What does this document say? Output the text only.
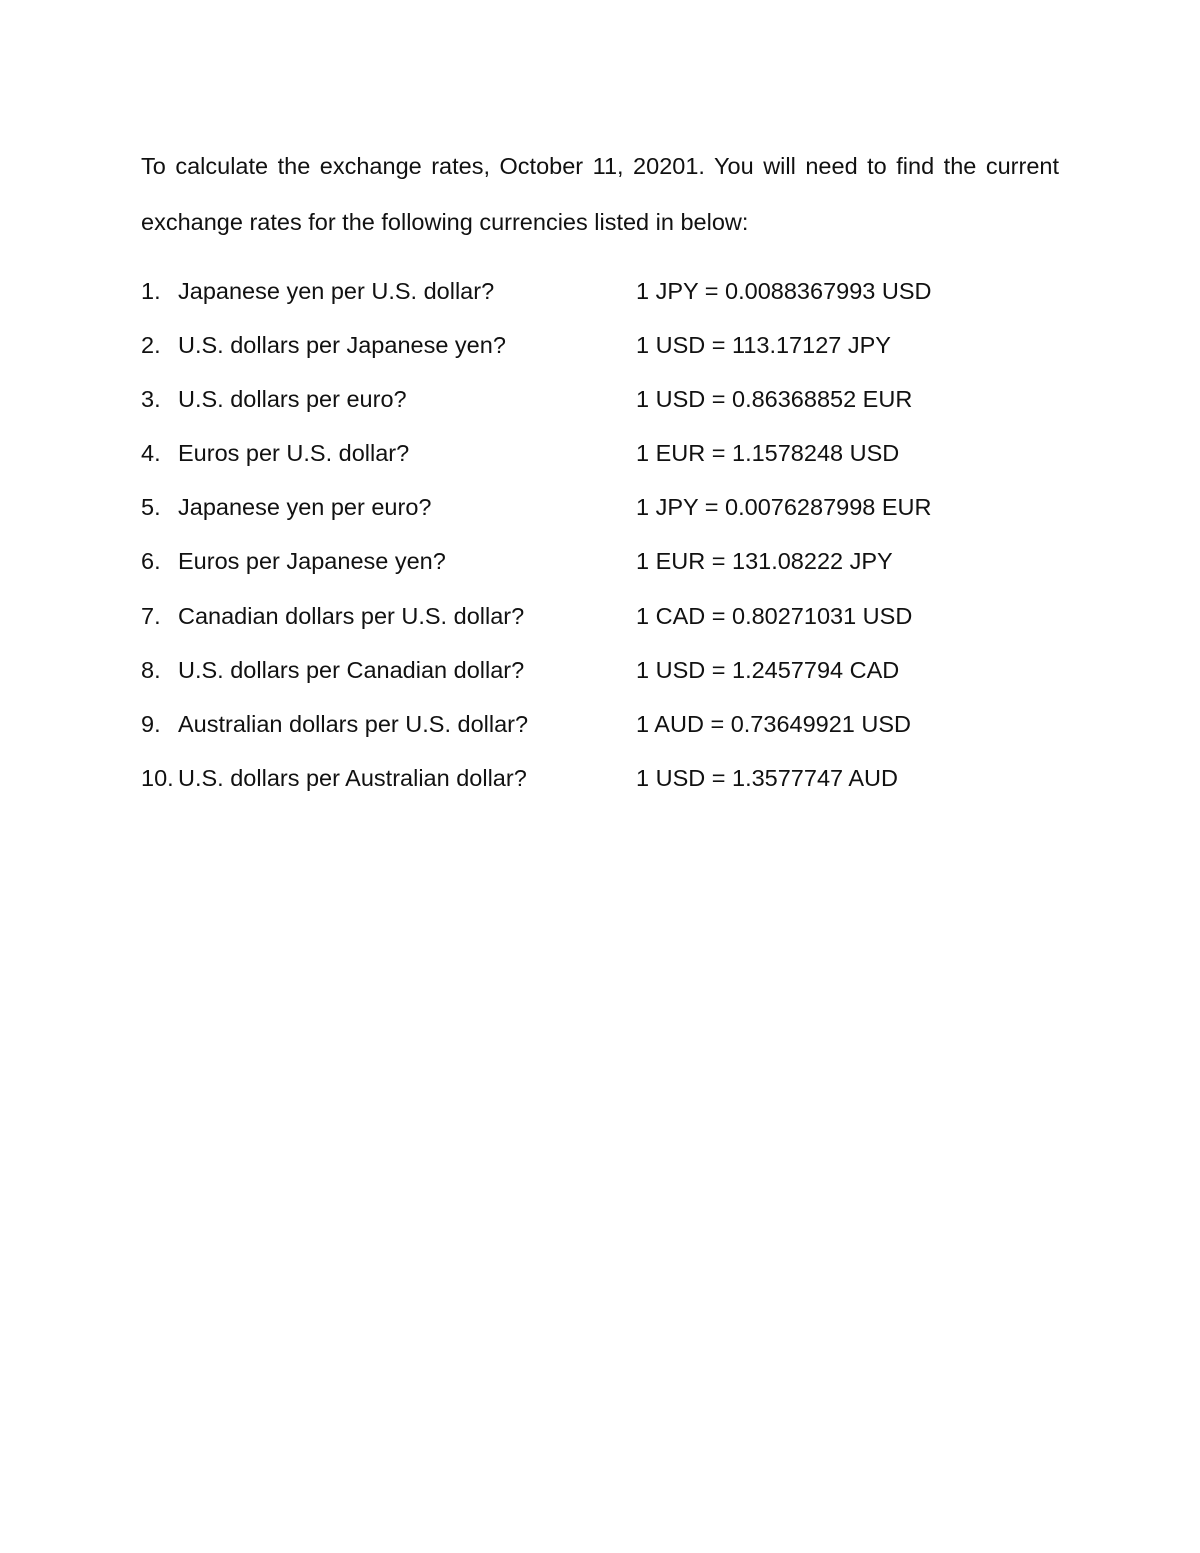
To calculate the exchange rates, October 11, 20201. You will need to find the current
exchange rates for the following currencies listed in below:
1. Japanese yen per U.S. dollar?	1 JPY = 0.0088367993 USD
2. U.S. dollars per Japanese yen?	1 USD = 113.17127 JPY
3. U.S. dollars per euro?	1 USD = 0.86368852 EUR
4. Euros per U.S. dollar?	1 EUR = 1.1578248 USD
5. Japanese yen per euro?	1 JPY = 0.0076287998 EUR
6. Euros per Japanese yen?	1 EUR = 131.08222 JPY
7. Canadian dollars per U.S. dollar?	1 CAD = 0.80271031 USD
8. U.S. dollars per Canadian dollar?	1 USD = 1.2457794 CAD
9. Australian dollars per U.S. dollar?	1 AUD = 0.73649921 USD
10. U.S. dollars per Australian dollar?	1 USD = 1.3577747 AUD
